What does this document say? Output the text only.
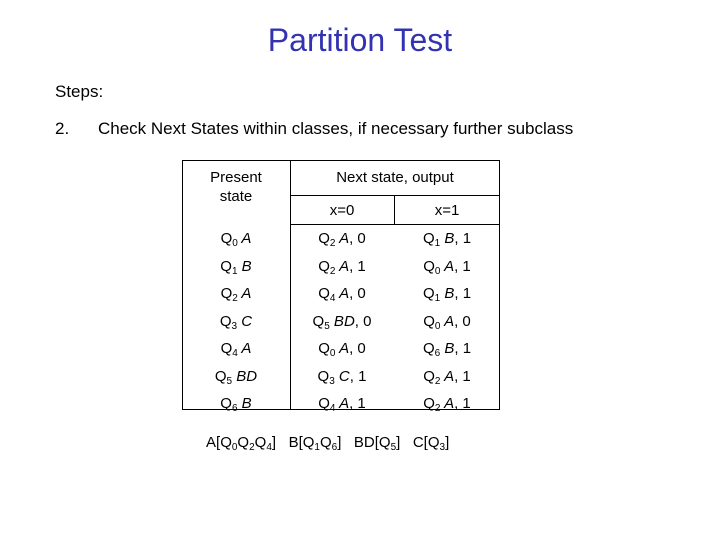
Partition Test
Steps:
2. Check Next States within classes, if necessary further subclass
Present
state
Next state, output
x=0	x=1
$Q_0$ A	$Q_2$ A, 0	$Q_1$ B, 1
$Q_1$ B	$Q_2$ A, 1	$Q_0$ A, 1
$Q_2$ A	$Q_4$ A, 0	$Q_1$ B, 1
$Q_3$ C	$Q_5$ BD, 0	$Q_0$ A, 0
$Q_4$ A	$Q_0$ A, 0	$Q_6$ B, 1
$Q_5$ BD	$Q_3$ C, 1	$Q_2$ A, 1
$Q_6$ B	$Q_4$ A, 1	$Q_2$ A, 1
$A[Q_0Q_2Q_4]$   $B[Q_1Q_6]$   $BD[Q_5]$   $C[Q_3]$
